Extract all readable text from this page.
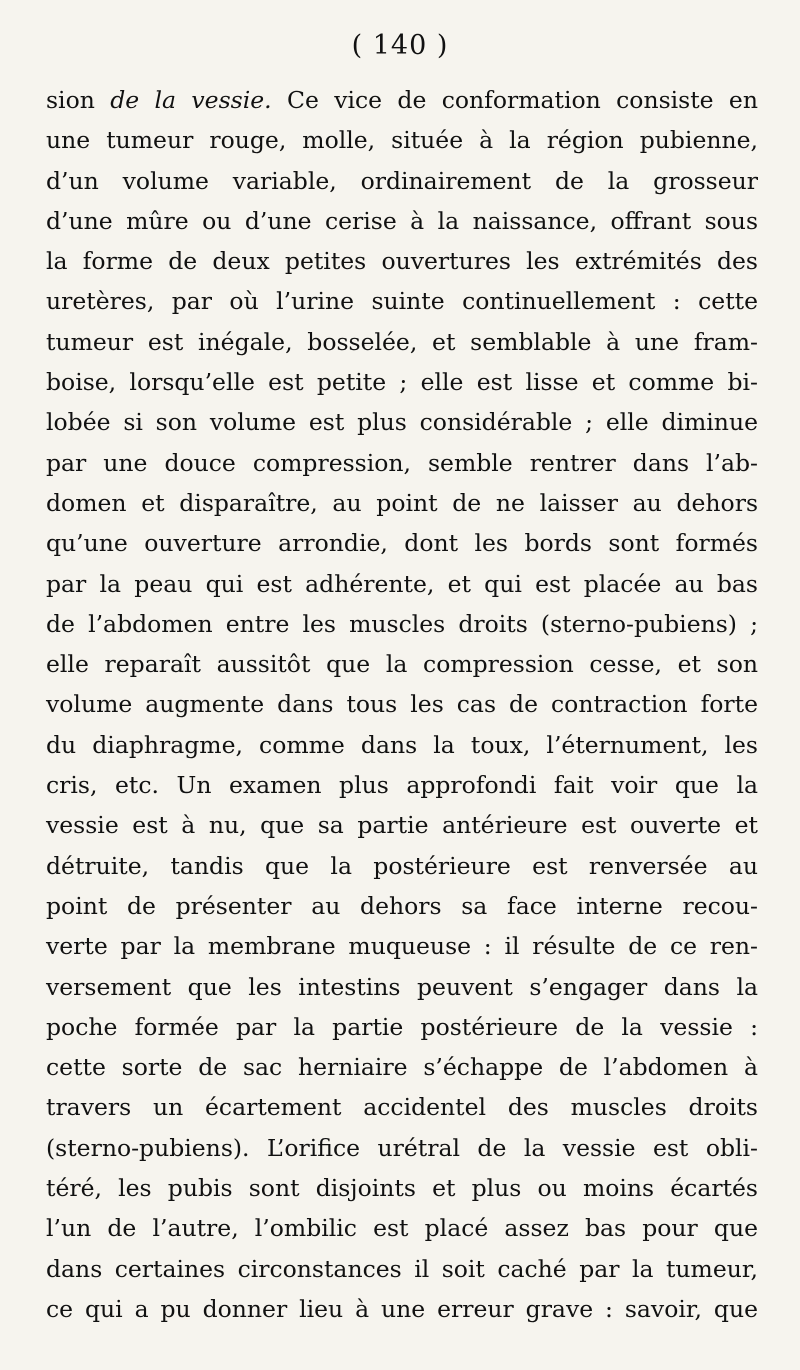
( 140 )
sion de la vessie. Ce vice de conformation consiste en
une tumeur rouge, molle, située à la région pubienne,
d’un volume variable, ordinairement de la grosseur
d’une mûre ou d’une cerise à la naissance, offrant sous
la forme de deux petites ouvertures les extrémités des
uretères, par où l’urine suinte continuellement : cette
tumeur est inégale, bosselée, et semblable à une fram-
boise, lorsqu’elle est petite ; elle est lisse et comme bi-
lobée si son volume est plus considérable ; elle diminue
par une douce compression, semble rentrer dans l’ab-
domen et disparaître, au point de ne laisser au dehors
qu’une ouverture arrondie, dont les bords sont formés
par la peau qui est adhérente, et qui est placée au bas
de l’abdomen entre les muscles droits (sterno-pubiens) ;
elle reparaît aussitôt que la compression cesse, et son
volume augmente dans tous les cas de contraction forte
du diaphragme, comme dans la toux, l’éternument, les
cris, etc. Un examen plus approfondi fait voir que la
vessie est à nu, que sa partie antérieure est ouverte et
détruite, tandis que la postérieure est renversée au
point de présenter au dehors sa face interne recou-
verte par la membrane muqueuse : il résulte de ce ren-
versement que les intestins peuvent s’engager dans la
poche formée par la partie postérieure de la vessie :
cette sorte de sac herniaire s’échappe de l’abdomen à
travers un écartement accidentel des muscles droits
(sterno-pubiens). L’orifice urétral de la vessie est obli-
téré, les pubis sont disjoints et plus ou moins écartés
l’un de l’autre, l’ombilic est placé assez bas pour que
dans certaines circonstances il soit caché par la tumeur,
ce qui a pu donner lieu à une erreur grave : savoir, que
